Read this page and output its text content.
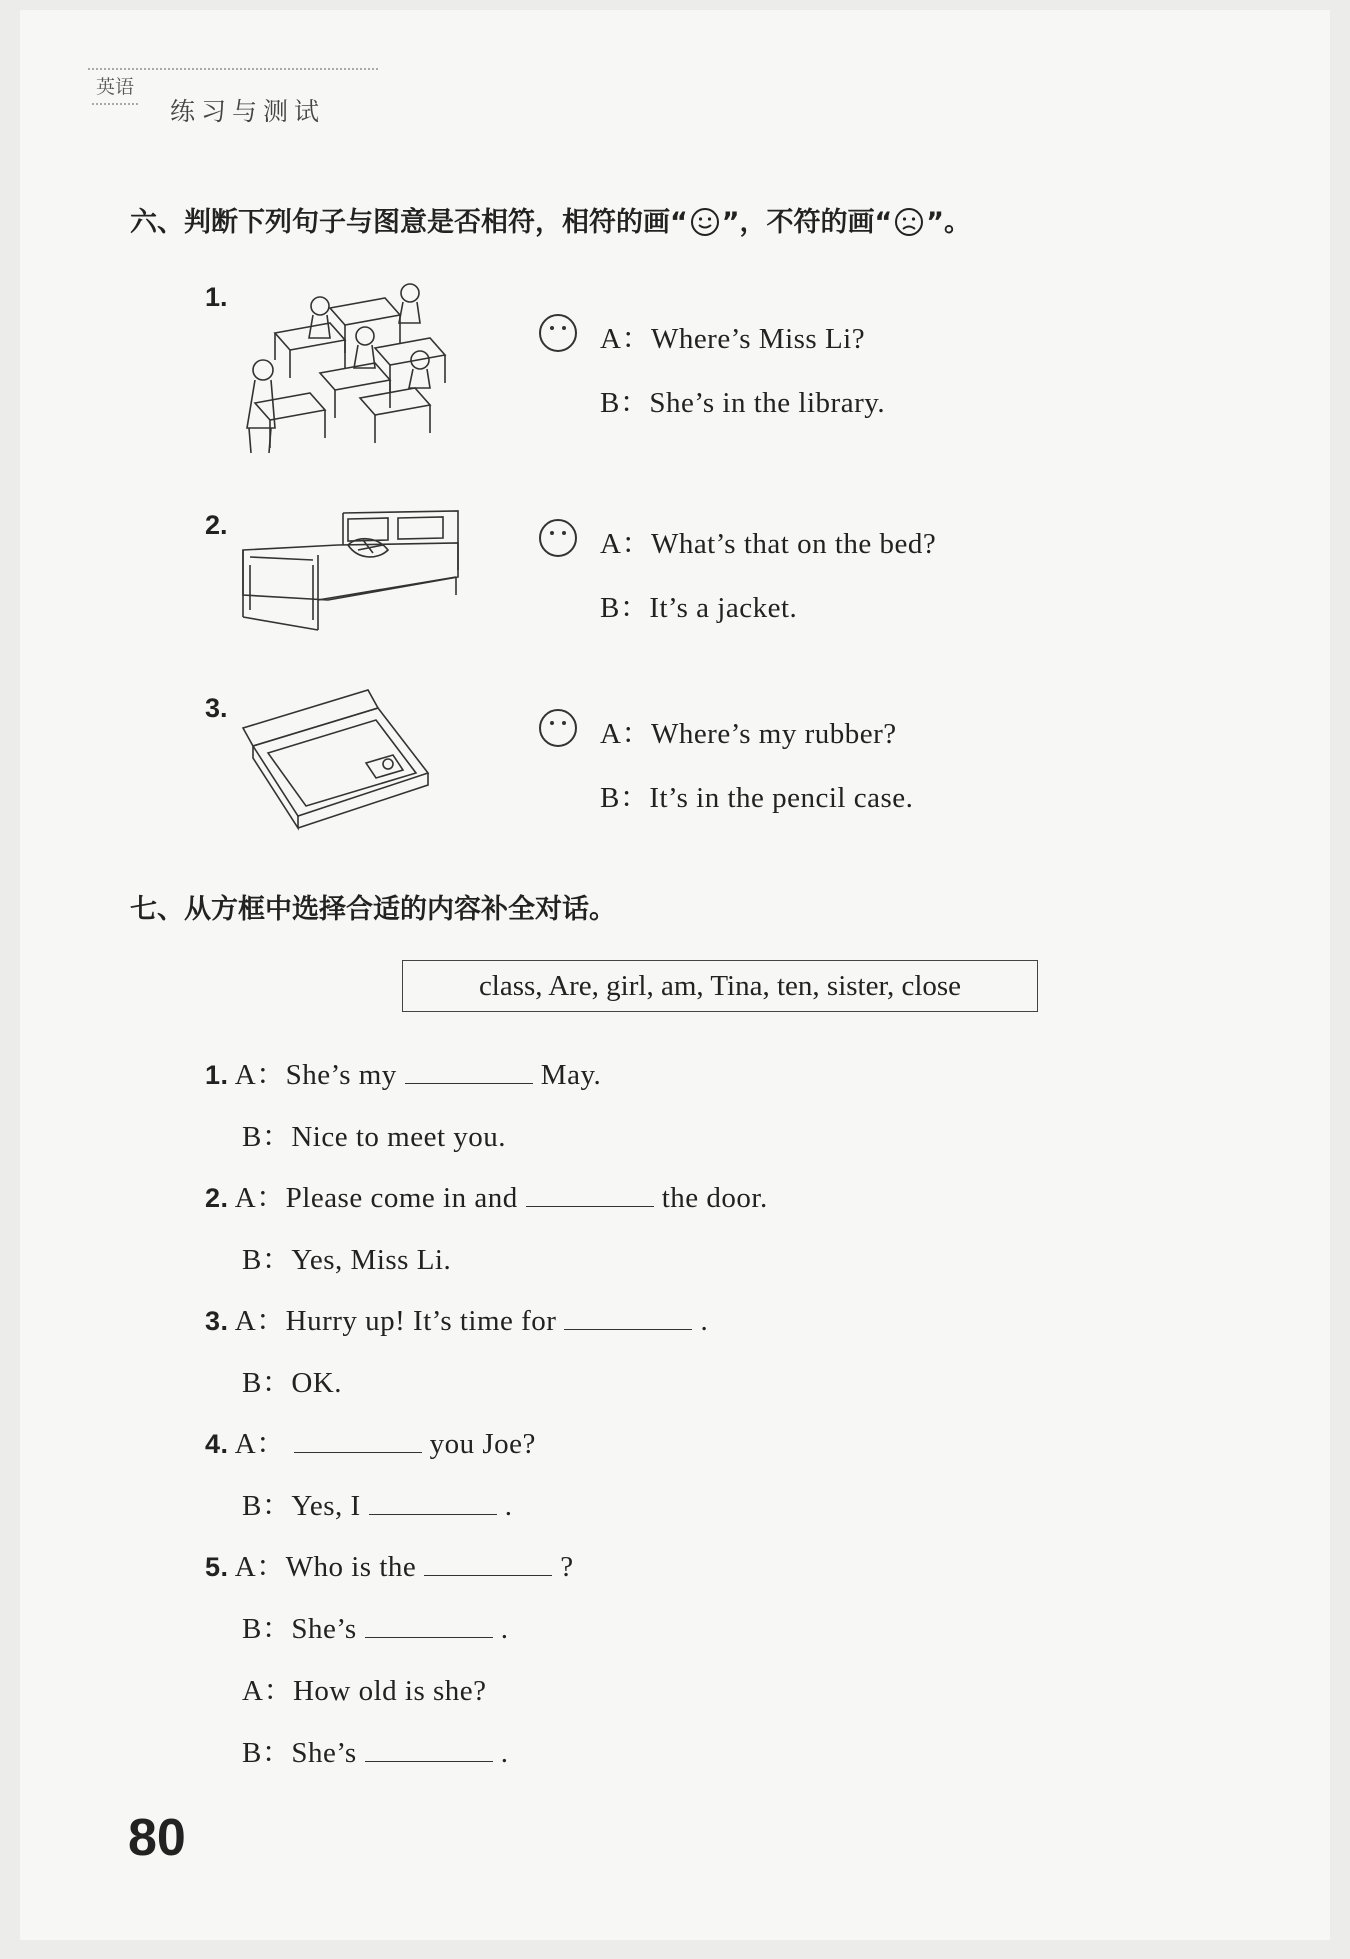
英语
练习与测试
六、判断下列句子与图意是否相符，相符的画“ ”，不符的画“ ”。
1.
A：Where’s Miss Li?
B：She’s in the library.
2.
A：What’s that on the bed?
B：It’s a jacket.
3.
A：Where’s my rubber?
B：It’s in the pencil case.
七、从方框中选择合适的内容补全对话。
class, Are, girl, am, Tina, ten, sister, close
1. A：She’s my	May.
B：Nice to meet you.
2. A：Please come in and	the door.
B：Yes, Miss Li.
3. A：Hurry up! It’s time for	.
B：OK.
4. A：	you Joe?
B：Yes, I	.
5. A：Who is the	?
B：She’s	.
A：How old is she?
B：She’s	.
80
